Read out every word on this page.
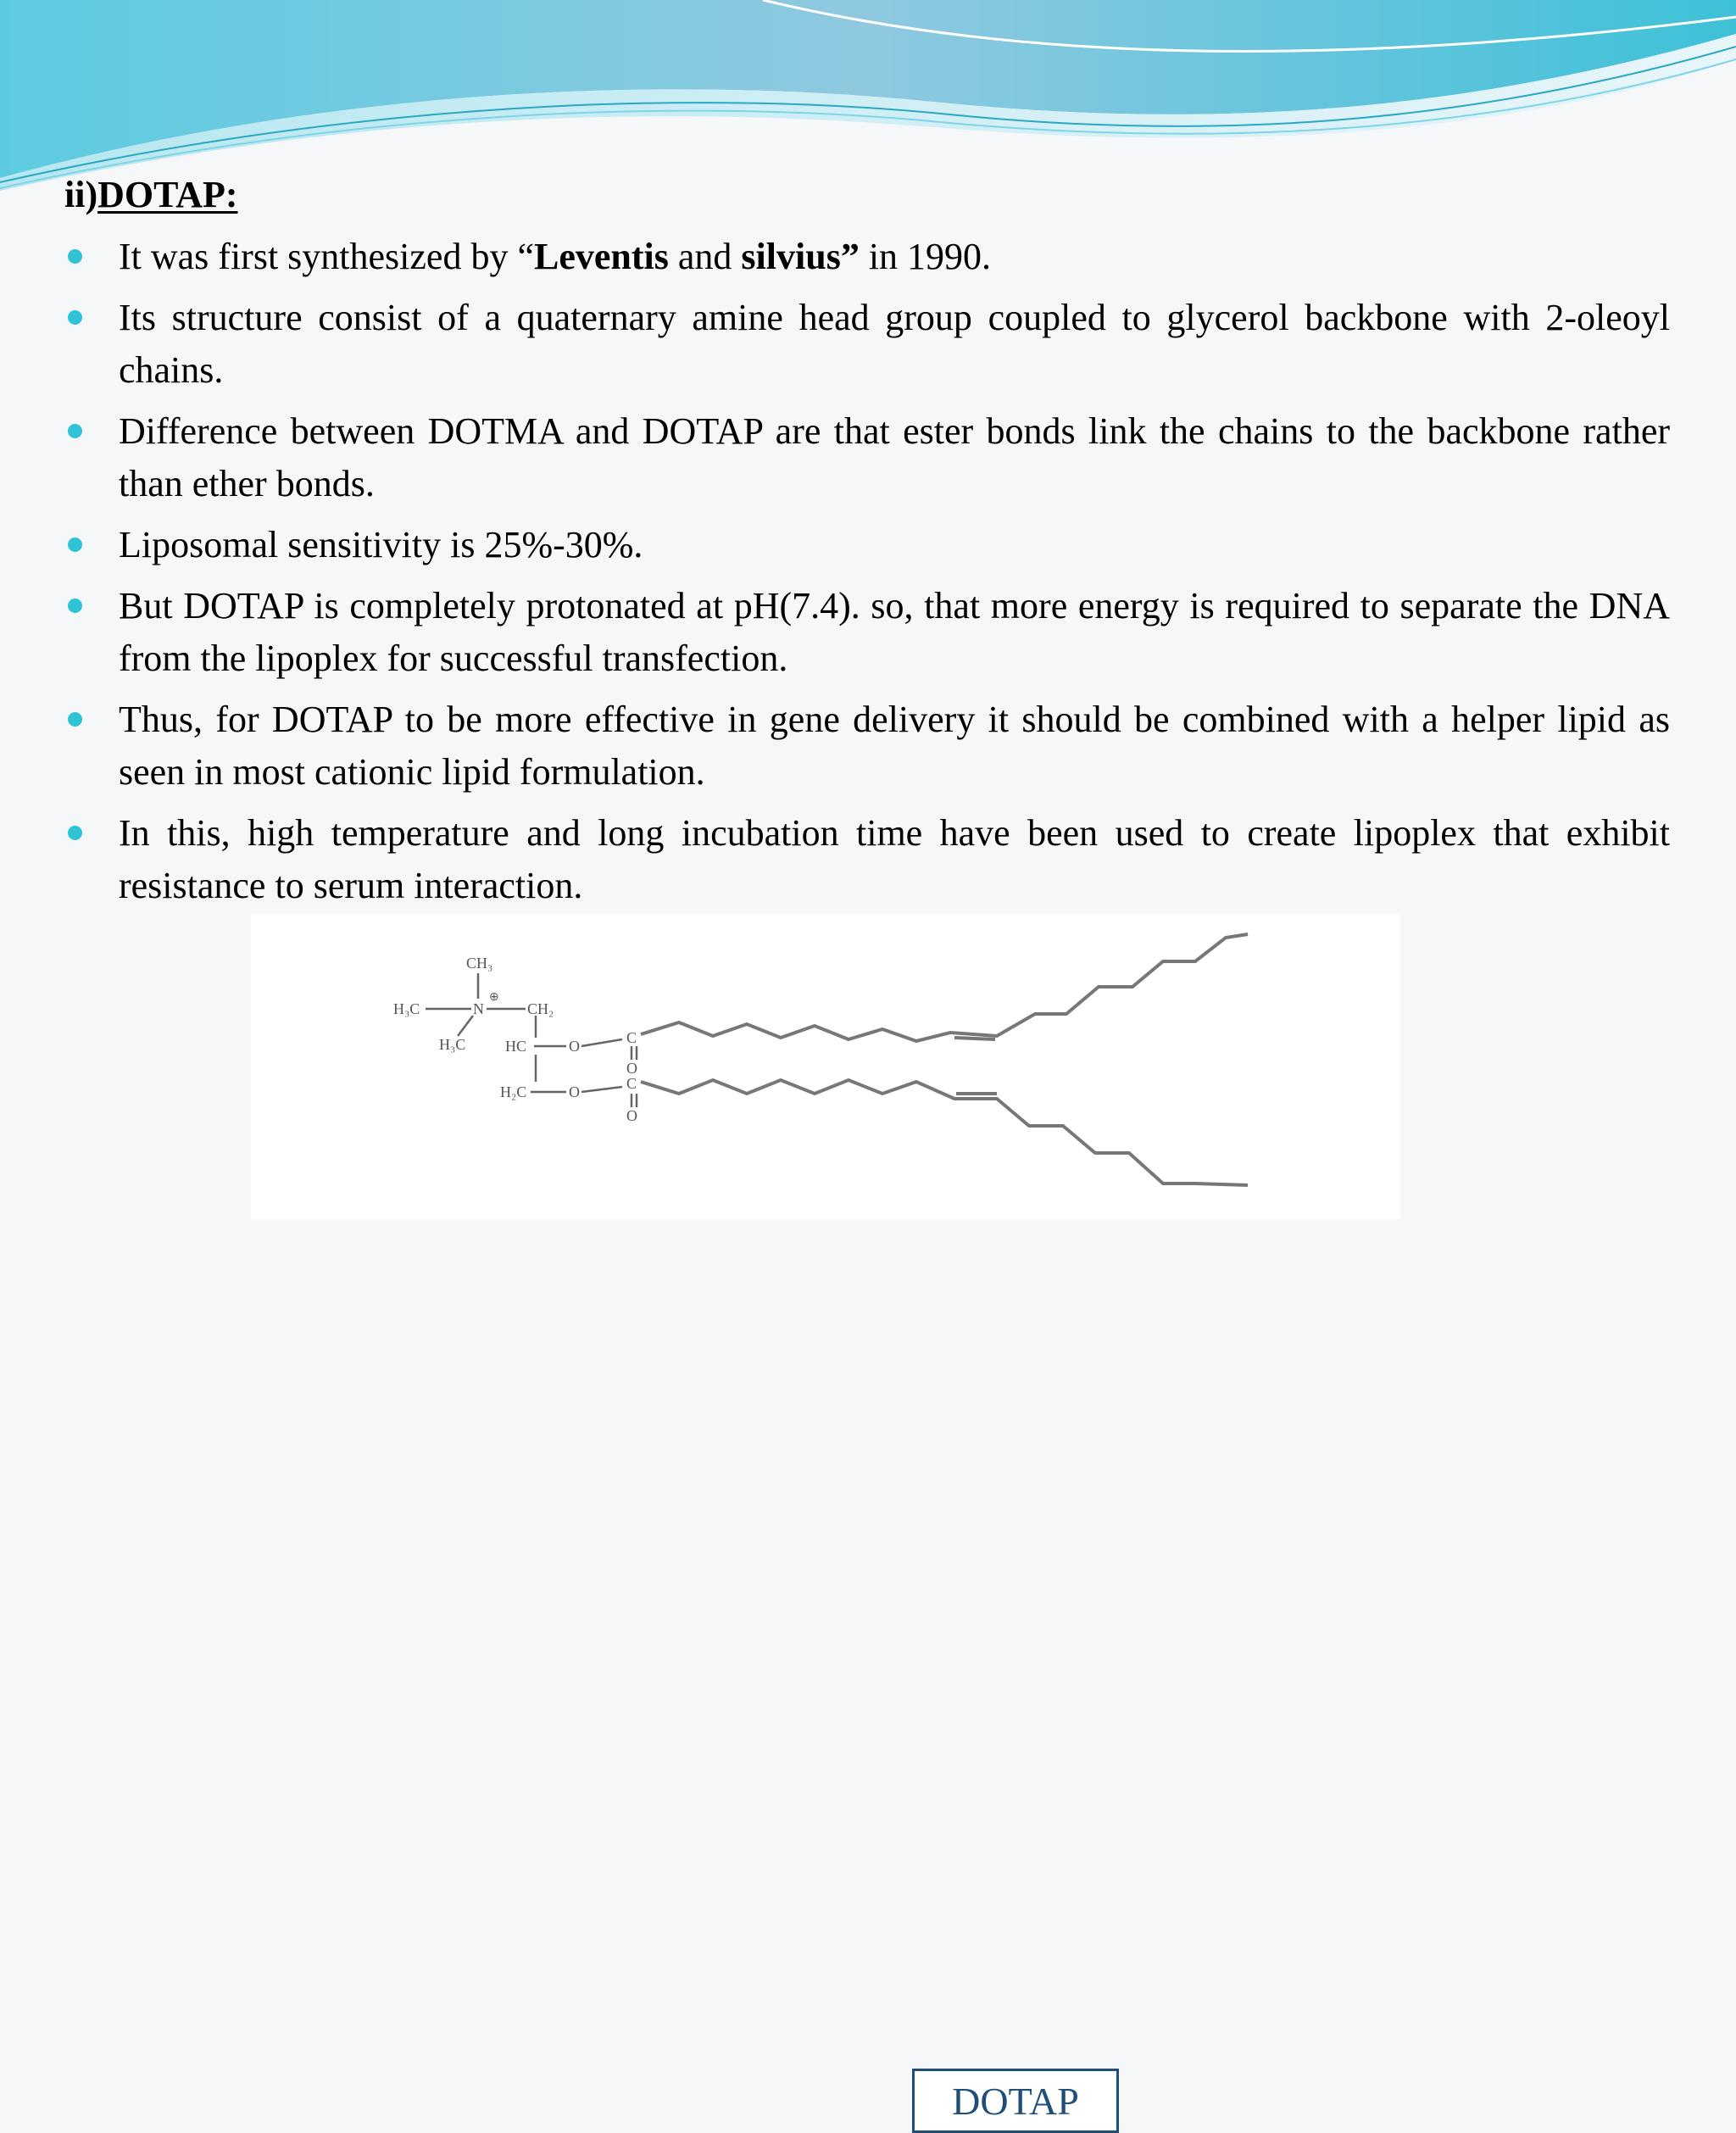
ii)DOTAP:
It was first synthesized by “Leventis and silvius” in 1990.
Its structure consist of a quaternary amine head group coupled to glycerol backbone with 2-oleoyl chains.
Difference between DOTMA and DOTAP are that ester bonds link the chains to the backbone rather than ether bonds.
Liposomal sensitivity is 25%-30%.
But DOTAP is completely protonated at pH(7.4). so, that more energy is required to separate the DNA from the lipoplex for successful transfection.
Thus, for DOTAP to be more effective in gene delivery it should be combined with a helper lipid as seen in most cationic lipid formulation.
In this, high temperature and long incubation time have been used to create lipoplex that exhibit resistance to serum interaction.
CH₃
H₃C	N
⊕
CH₂
H₃C	HC
H₂C
O
O
C
C
O
O
DOTAP
